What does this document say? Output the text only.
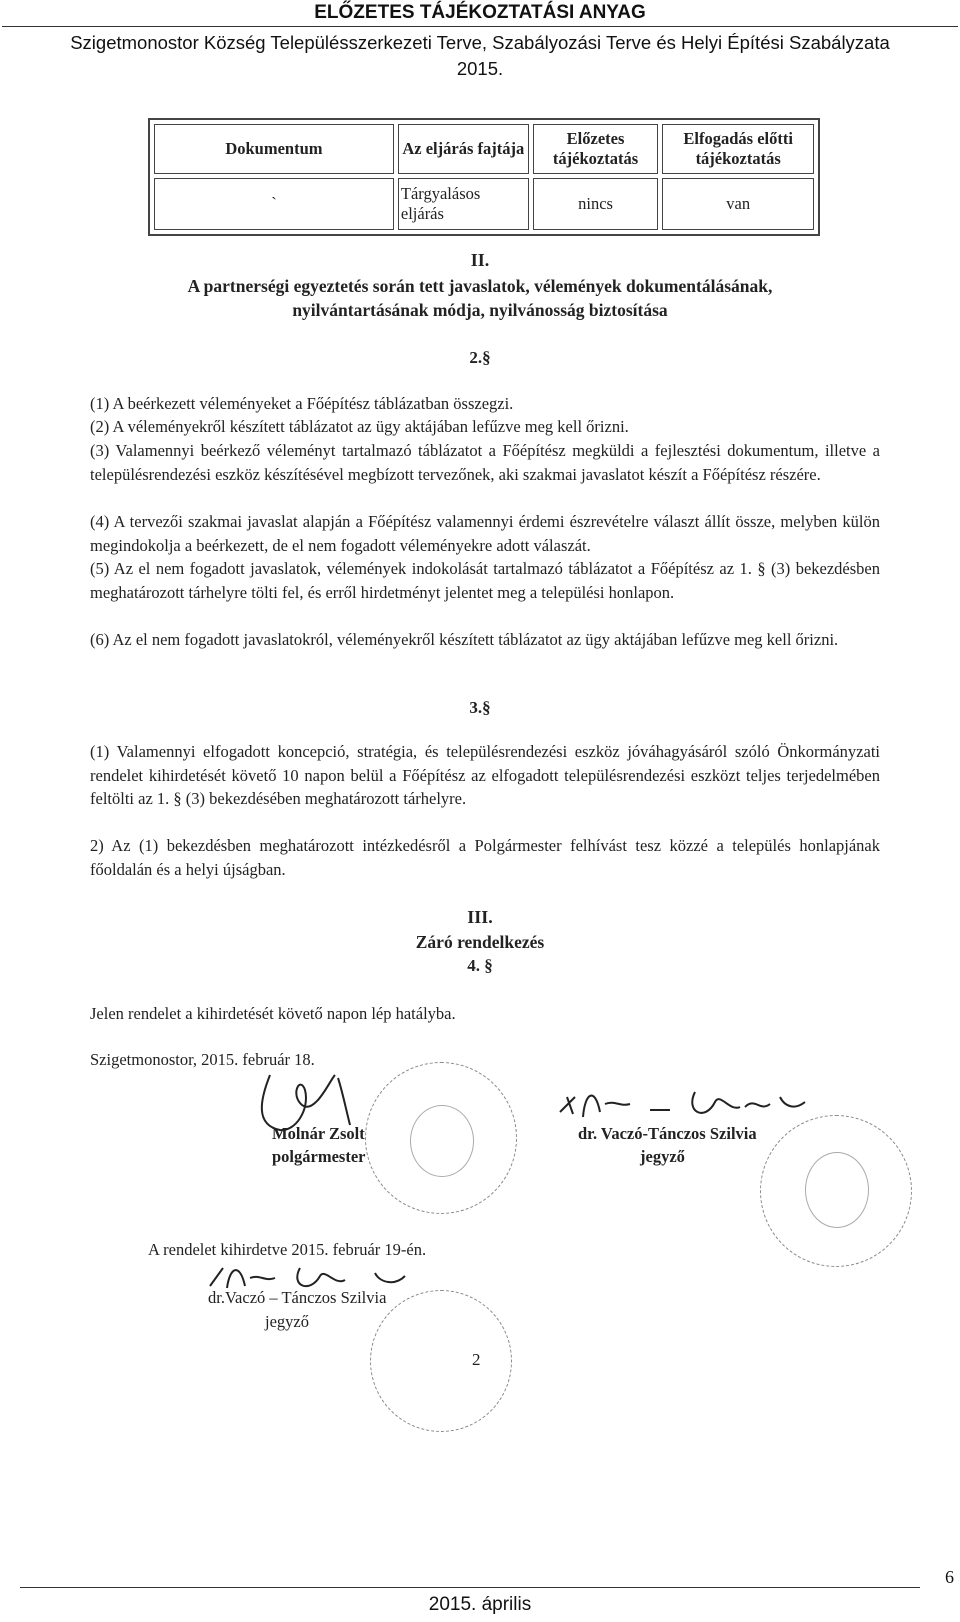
ELŐZETES TÁJÉKOZTATÁSI ANYAG
Szigetmonostor Község Településszerkezeti Terve, Szabályozási Terve és Helyi Építési Szabályzata
2015.
Dokumentum	Az eljárás fajtája	Előzetes tájékoztatás	Elfogadás előtti tájékoztatás
`	Tárgyalásos eljárás	nincs	van
II.
A partnerségi egyeztetés során tett javaslatok, vélemények dokumentálásának,
nyilvántartásának módja, nyilvánosság biztosítása
2.§
(1) A beérkezett véleményeket a Főépítész táblázatban összegzi.
(2) A véleményekről készített táblázatot az ügy aktájában lefűzve meg kell őrizni.
(3) Valamennyi beérkező véleményt tartalmazó táblázatot a Főépítész megküldi a fejlesztési dokumentum, illetve a településrendezési eszköz készítésével megbízott tervezőnek, aki szakmai javaslatot készít a Főépítész részére.
(4) A tervezői szakmai javaslat alapján a Főépítész valamennyi érdemi észrevételre választ állít össze, melyben külön megindokolja a beérkezett, de el nem fogadott véleményekre adott válaszát.
(5) Az el nem fogadott javaslatok, vélemények indokolását tartalmazó táblázatot a Főépítész az 1. § (3) bekezdésben meghatározott tárhelyre tölti fel, és erről hirdetményt jelentet meg a települési honlapon.
(6) Az el nem fogadott javaslatokról, véleményekről készített táblázatot az ügy aktájában lefűzve meg kell őrizni.
3.§
(1) Valamennyi elfogadott koncepció, stratégia, és településrendezési eszköz jóváhagyásáról szóló Önkormányzati rendelet kihirdetését követő 10 napon belül a Főépítész az elfogadott településrendezési eszközt teljes terjedelmében feltölti az 1. § (3) bekezdésében meghatározott tárhelyre.
2) Az (1) bekezdésben meghatározott intézkedésről a Polgármester felhívást tesz közzé a település honlapjának főoldalán és a helyi újságban.
III.
Záró rendelkezés
4. §
Jelen rendelet a kihirdetését követő napon lép hatályba.
Szigetmonostor, 2015. február 18.
Molnár Zsolt
polgármester
dr. Vaczó-Tánczos Szilvia
jegyző
A rendelet kihirdetve 2015. február 19-én.
dr.Vaczó – Tánczos Szilvia
jegyző
2
2015. április
6
